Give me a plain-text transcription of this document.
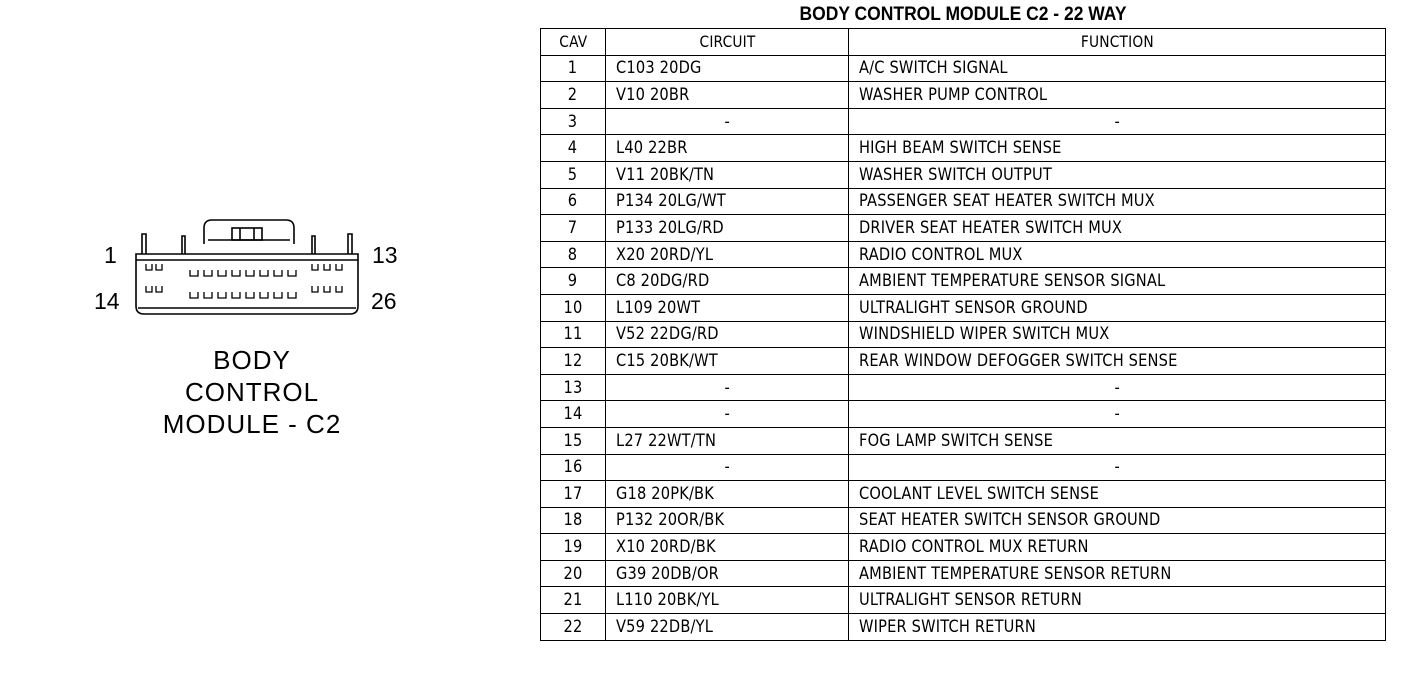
1	13
14	26
BODY
CONTROL
MODULE - C2
BODY CONTROL MODULE C2 - 22 WAY
CAV	CIRCUIT	FUNCTION
1	C103 20DG	A/C SWITCH SIGNAL
2	V10 20BR	WASHER PUMP CONTROL
3	-	-
4	L40 22BR	HIGH BEAM SWITCH SENSE
5	V11 20BK/TN	WASHER SWITCH OUTPUT
6	P134 20LG/WT	PASSENGER SEAT HEATER SWITCH MUX
7	P133 20LG/RD	DRIVER SEAT HEATER SWITCH MUX
8	X20 20RD/YL	RADIO CONTROL MUX
9	C8 20DG/RD	AMBIENT TEMPERATURE SENSOR SIGNAL
10	L109 20WT	ULTRALIGHT SENSOR GROUND
11	V52 22DG/RD	WINDSHIELD WIPER SWITCH MUX
12	C15 20BK/WT	REAR WINDOW DEFOGGER SWITCH SENSE
13	-	-
14	-	-
15	L27 22WT/TN	FOG LAMP SWITCH SENSE
16	-	-
17	G18 20PK/BK	COOLANT LEVEL SWITCH SENSE
18	P132 20OR/BK	SEAT HEATER SWITCH SENSOR GROUND
19	X10 20RD/BK	RADIO CONTROL MUX RETURN
20	G39 20DB/OR	AMBIENT TEMPERATURE SENSOR RETURN
21	L110 20BK/YL	ULTRALIGHT SENSOR RETURN
22	V59 22DB/YL	WIPER SWITCH RETURN
